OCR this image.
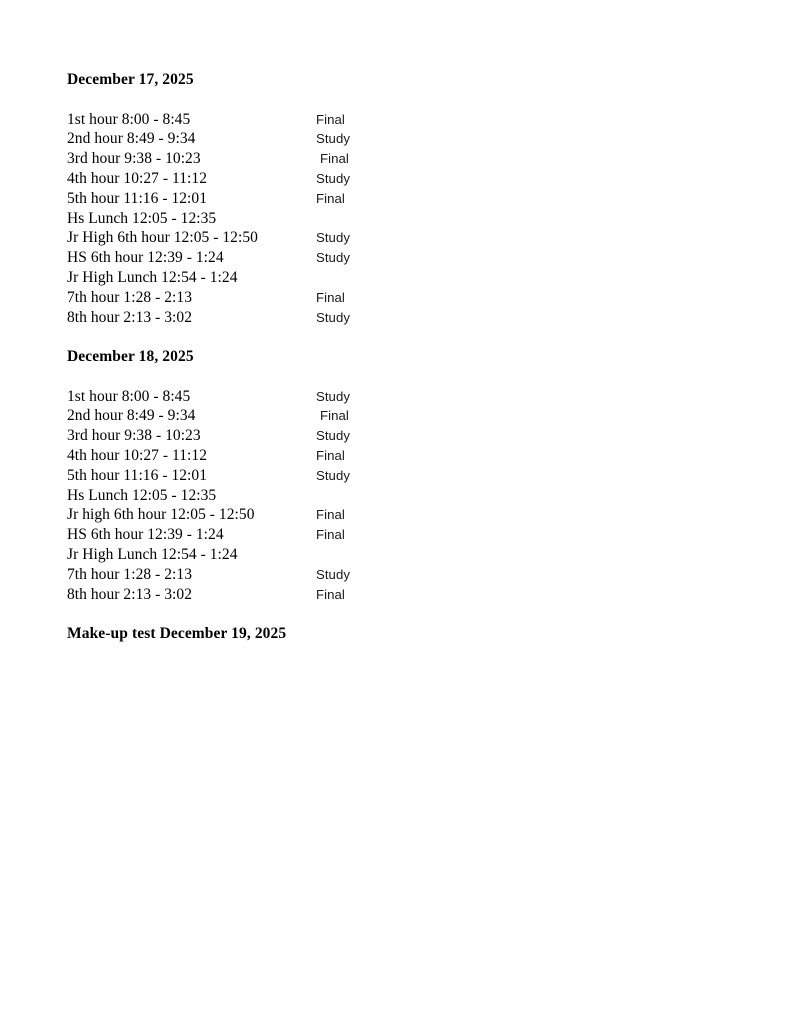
December 17, 2025
1st hour 8:00 - 8:45	Final
2nd hour 8:49 - 9:34	Study
3rd hour 9:38 - 10:23	Final
4th hour 10:27 - 11:12	Study
5th hour 11:16 - 12:01	Final
Hs Lunch 12:05 - 12:35
Jr High 6th hour 12:05 - 12:50	Study
HS 6th hour 12:39 - 1:24	Study
Jr High Lunch 12:54 - 1:24
7th hour 1:28 - 2:13	Final
8th hour 2:13 - 3:02	Study
December 18, 2025
1st hour 8:00 - 8:45	Study
2nd hour 8:49 - 9:34	Final
3rd hour 9:38 - 10:23	Study
4th hour 10:27 - 11:12	Final
5th hour 11:16 - 12:01	Study
Hs Lunch 12:05 - 12:35
Jr high 6th hour 12:05 - 12:50	Final
HS 6th hour 12:39 - 1:24	Final
Jr High Lunch 12:54 - 1:24
7th hour 1:28 - 2:13	Study
8th hour 2:13 - 3:02	Final
Make-up test December 19, 2025
